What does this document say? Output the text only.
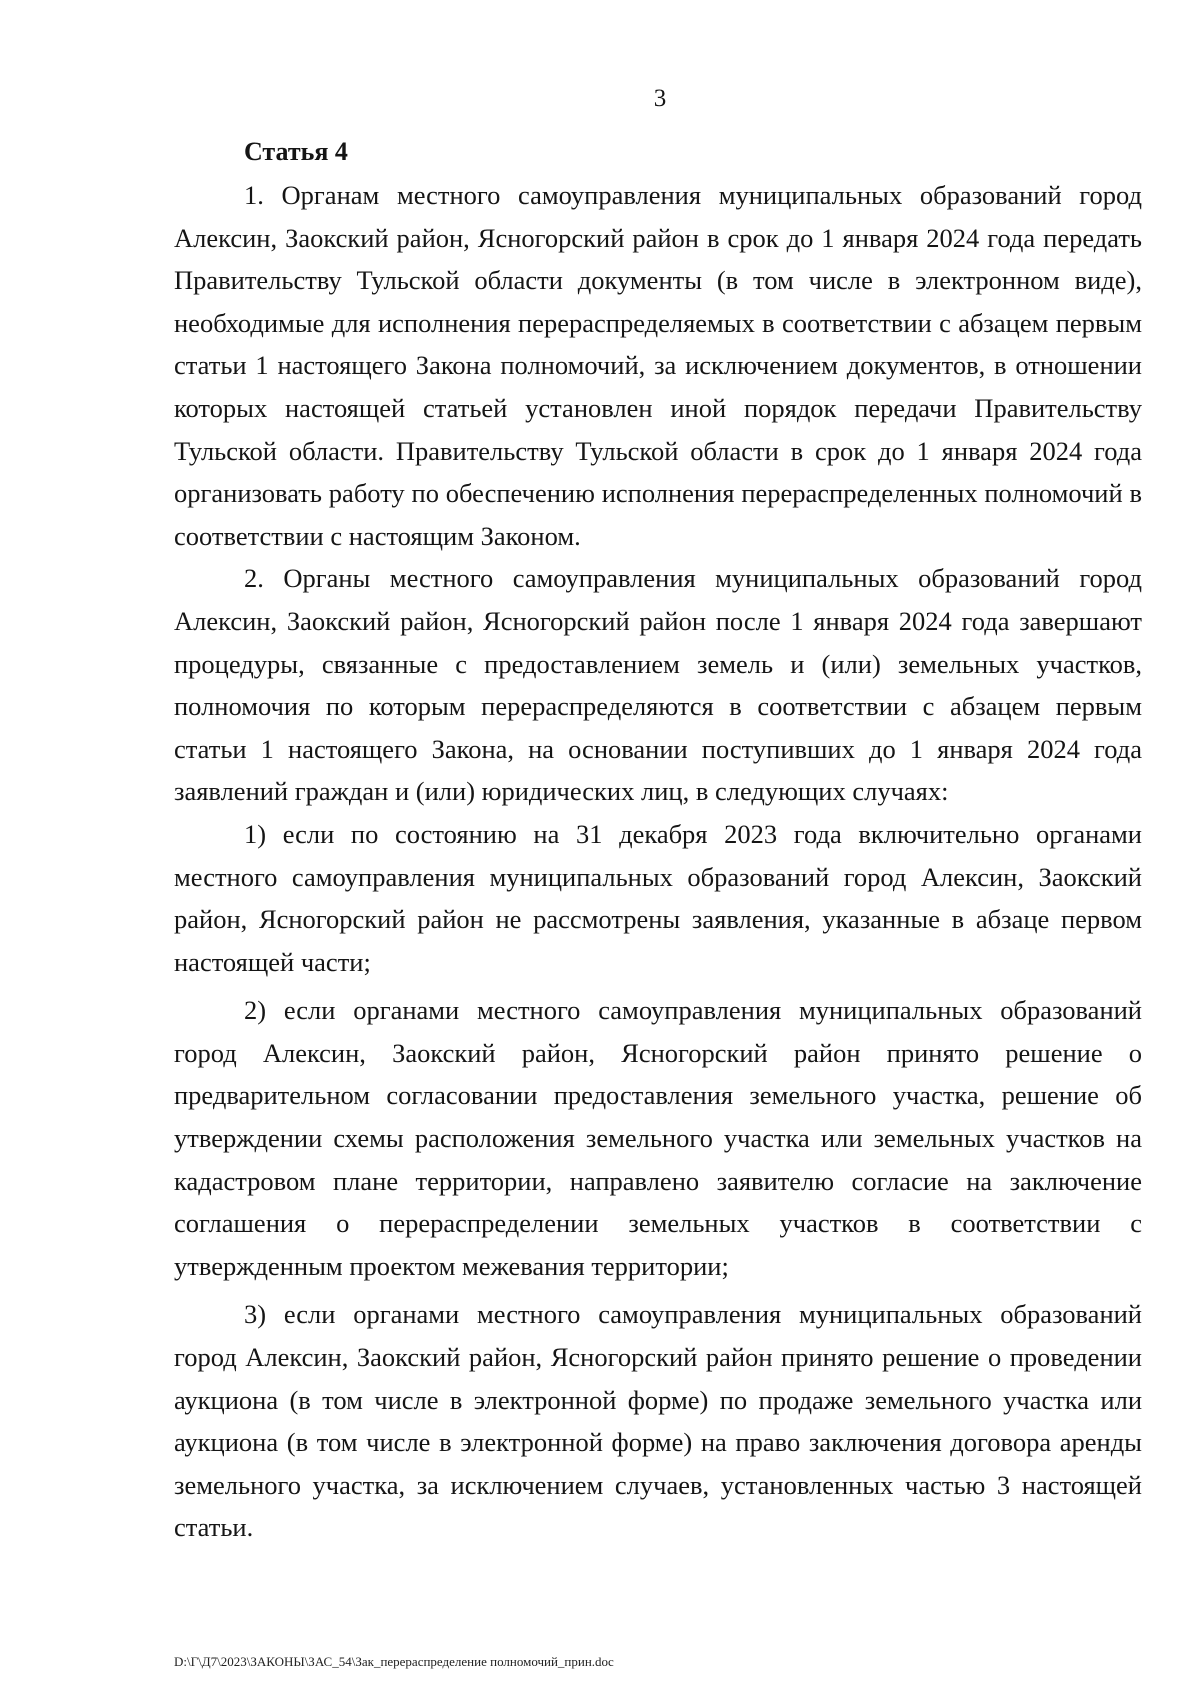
3
Статья 4

1. Органам местного самоуправления муниципальных образований город Алексин, Заокский район, Ясногорский район в срок до 1 января 2024 года передать Правительству Тульской области документы (в том числе в электронном виде), необходимые для исполнения перераспределяемых в соответствии с абзацем первым статьи 1 настоящего Закона полномочий, за исключением документов, в отношении которых настоящей статьей установлен иной порядок передачи Правительству Тульской области. Правительству Тульской области в срок до 1 января 2024 года организовать работу по обеспечению исполнения перераспределенных полномочий в соответствии с настоящим Законом.

2. Органы местного самоуправления муниципальных образований город Алексин, Заокский район, Ясногорский район после 1 января 2024 года завершают процедуры, связанные с предоставлением земель и (или) земельных участков, полномочия по которым перераспределяются в соответствии с абзацем первым статьи 1 настоящего Закона, на основании поступивших до 1 января 2024 года заявлений граждан и (или) юридических лиц, в следующих случаях:

1) если по состоянию на 31 декабря 2023 года включительно органами местного самоуправления муниципальных образований город Алексин, Заокский район, Ясногорский район не рассмотрены заявления, указанные в абзаце первом настоящей части;

2) если органами местного самоуправления муниципальных образований город Алексин, Заокский район, Ясногорский район принято решение о предварительном согласовании предоставления земельного участка, решение об утверждении схемы расположения земельного участка или земельных участков на кадастровом плане территории, направлено заявителю согласие на заключение соглашения о перераспределении земельных участков в соответствии с утвержденным проектом межевания территории;

3) если органами местного самоуправления муниципальных образований город Алексин, Заокский район, Ясногорский район принято решение о проведении аукциона (в том числе в электронной форме) по продаже земельного участка или аукциона (в том числе в электронной форме) на право заключения договора аренды земельного участка, за исключением случаев, установленных частью 3 настоящей статьи.

D:\Г\Д7\2023\ЗАКОНЫ\ЗАС_54\Зак_перераспределение полномочий_прин.doc
